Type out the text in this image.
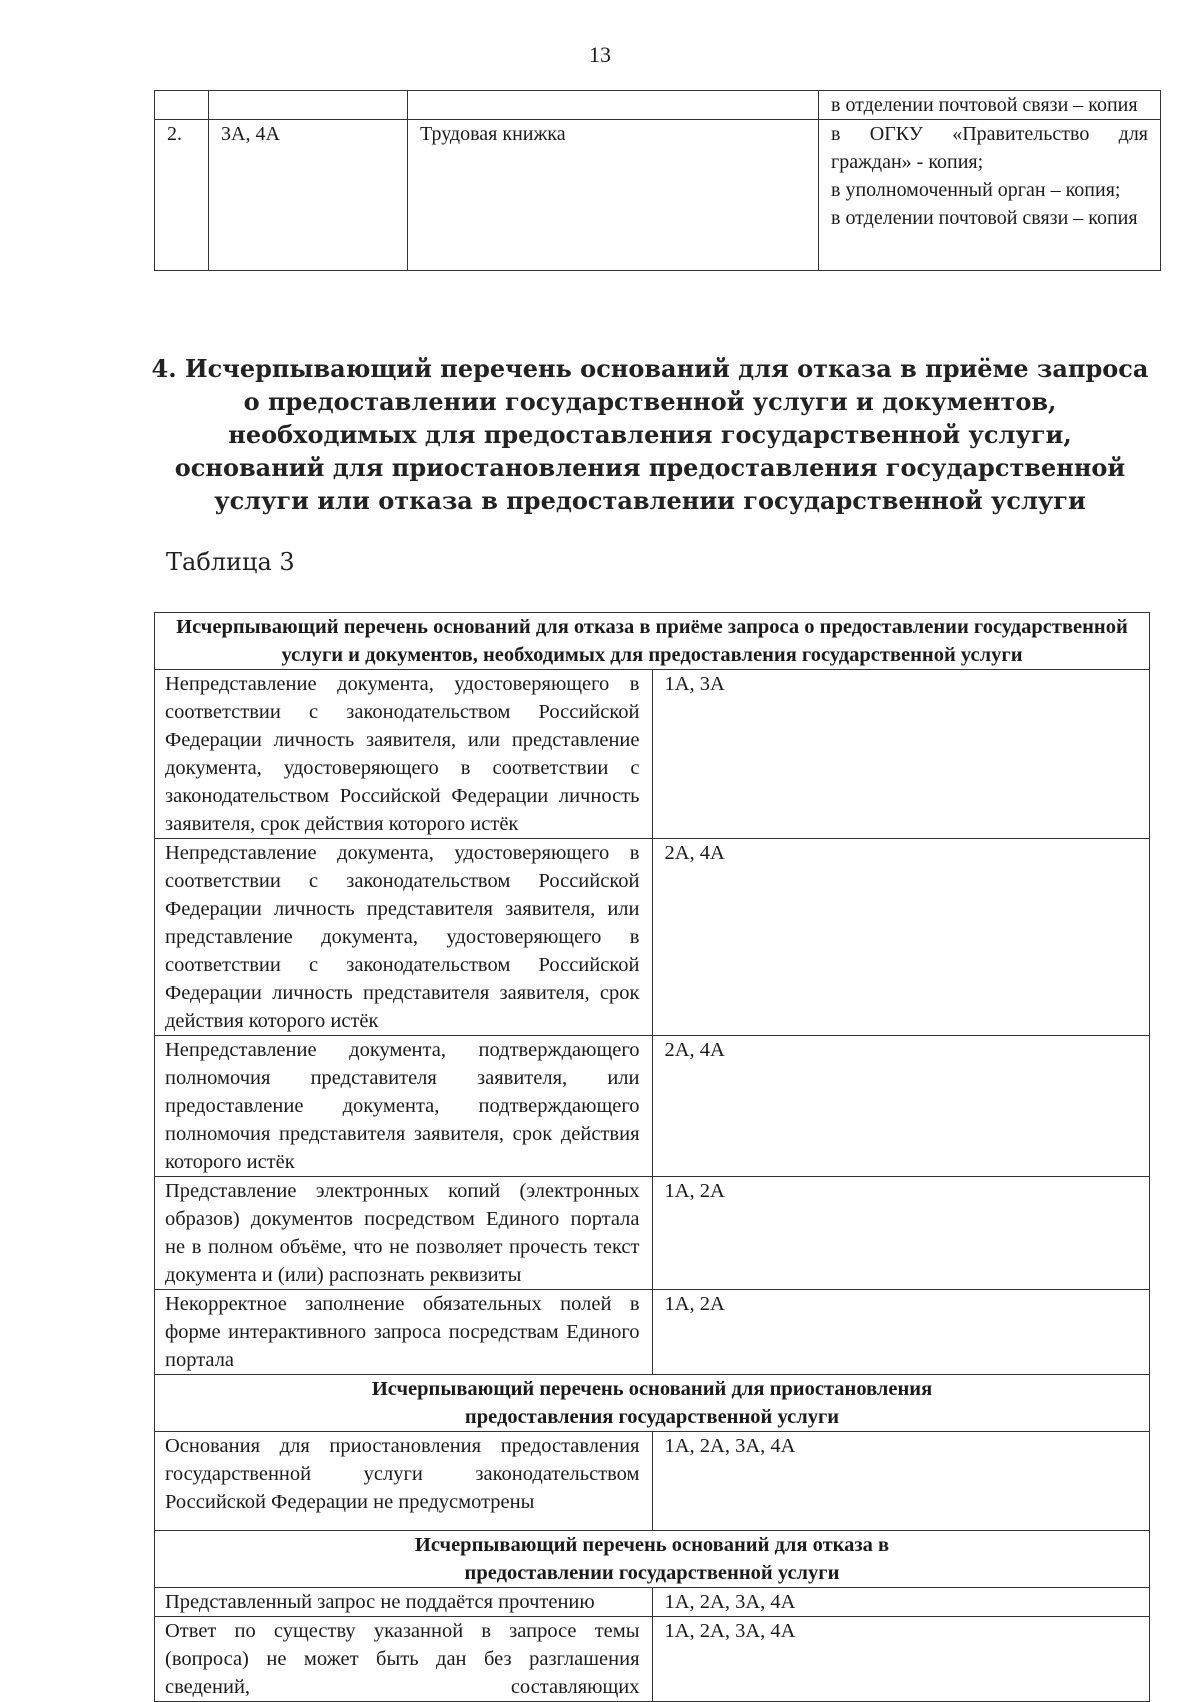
13

			в отделении почтовой связи – копия

2.	3А, 4А	Трудовая книжка	в ОГКУ «Правительство для граждан» - копия;
в уполномоченный орган – копия;
в отделении почтовой связи – копия
4. Исчерпывающий перечень оснований для отказа в приёме запроса о предоставлении государственной услуги и документов, необходимых для предоставления государственной услуги, оснований для приостановления предоставления государственной услуги или отказа в предоставлении государственной услуги
Таблица 3
Исчерпывающий перечень оснований для отказа в приёме запроса о предоставлении государственной услуги и документов, необходимых для предоставления государственной услуги	
Непредставление документа, удостоверяющего в соответствии с законодательством Российской Федерации личность заявителя, или представление документа, удостоверяющего в соответствии с законодательством Российской Федерации личность заявителя, срок действия которого истёк	1А, 3А
Непредставление документа, удостоверяющего в соответствии с законодательством Российской Федерации личность представителя заявителя, или представление документа, удостоверяющего в соответствии с законодательством Российской Федерации личность представителя заявителя, срок действия которого истёк	2А, 4А
Непредставление документа, подтверждающего полномочия представителя заявителя, или предоставление документа, подтверждающего полномочия представителя заявителя, срок действия которого истёк	2А, 4А
Представление электронных копий (электронных образов) документов посредством Единого портала не в полном объёме, что не позволяет прочесть текст документа и (или) распознать реквизиты	1А, 2А
Некорректное заполнение обязательных полей в форме интерактивного запроса посредствам Единого портала	1А, 2А
Исчерпывающий перечень оснований для приостановления предоставления государственной услуги	
Основания для приостановления предоставления государственной услуги законодательством Российской Федерации не предусмотрены	1А, 2А, 3А, 4А
Исчерпывающий перечень оснований для отказа в предоставлении государственной услуги	
Представленный запрос не поддаётся прочтению	1А, 2А, 3А, 4А
Ответ по существу указанной в запросе темы (вопроса) не может быть дан без разглашения сведений, составляющих	1А, 2А, 3А, 4А
